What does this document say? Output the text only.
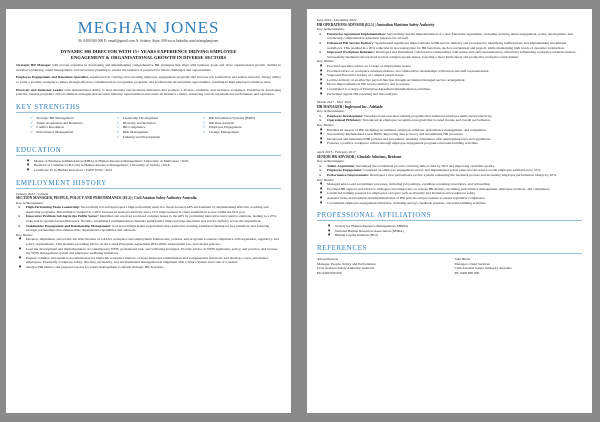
MEGHAN JONES
M: 0400 000 000 E: email@gmail.com A: Sydney, State, 000 www.linkedin.com/in/meghanjones
DYNAMIC HR DIRECTOR WITH 15+ YEARS EXPERIENCE DRIVING EMPLOYEE
ENGAGEMENT & ORGANISATIONAL GROWTH IN DIVERSE SECTORS
Strategic HR Manager with proven expertise in developing and implementing comprehensive HR strategies that align with business goals and drive organisational growth. Skilled in workforce planning, talent management, and succession planning to ensure the business is prepared for future challenges and opportunities.
Employee Engagement and Retention Specialist, experienced in creating and executing employee engagement programs that increase job satisfaction and reduce turnover. Strong ability to foster a positive workplace culture through effective communication, recognition programs, and professional development opportunities, resulting in high employee retention rates.
Diversity and Inclusion Leader with demonstrated ability to lead diversity and inclusion initiatives that promote a diverse, equitable, and inclusive workplace. Expertise in developing policies, training programs, and recruitment strategies that increase minority representation and create an inclusive culture, enhancing overall organisational performance and reputation.
KEY STRENGTHS
✓ Strategic HR Management
✓ Talent Acquisition and Retention
✓ Conflict Resolution
✓ Performance Management
✓ Leadership Development
✓ Diversity and Inclusion
✓ HR Compliance
✓ Risk Management
✓ Training and Development
✓ HR Information Systems (HRIS)
✓ HR Data Analysis
✓ Employee Engagement
✓ Change Management
EDUCATION
■ Master of Business Administration (MBA) in Human Resource Management | University of Melbourne | 2020
■ Bachelor of Commerce (B.Com) in Human Resource Management | University of Sydney | 2016
■ Certificate IV in Human Resources | TAFE NSW | 2012
EMPLOYMENT HISTORY
January 2022 - Current
SECTION MANAGER, PEOPLE, POLICY AND PERFORMANCE (EL2) | Civil Aviation Safety Authority Australia
Key Achievements:
➤ High-Performing Team Leadership: Successfully led and developed a high-performing team in a client-focused APS environment by implementing effective coaching and mentoring programs. This initiative resulted in a 20% increase in team productivity and a 15% improvement in client satisfaction scores within the first year.
➤ Innovative Problem Solving in the Public Sector: Identified and resolved workload complex issues in the APS by promoting innovative and creative solutions, leading to a 25% reduction in operational inefficiencies. Notably, streamlined communication channels significantly improved response times and service delivery across the department.
➤ Stakeholder Engagement and Relationship Management: Led several high-stakes negotiations that resulted in securing additional funding for key initiatives and fostering stronger partnerships that enhanced the department's capabilities and outreach.
Key Duties:
■ Develop, implement, and review the effectiveness of CASA's workplace and employment frameworks, policies, and programs to ensure compliance with legislation, regulatory, and policy requirements. This includes providing advice on the CASA Enterprise Agreement 2023-2026, employment law, and related policies.
■ Lead the development and implementation of contemporary WHS, professional risk, and wellbeing strategies. Provide advice on WHS legislation, policy, and practice, and oversee the WHS management system and employee wellbeing initiatives.
■ Prepare complex and sensitive documentation for high-risk workplace matters, oversee employee rehabilitation and compensation functions, and develop, coach, and mentor employees. Exemplify workplace safety, diversity, inclusivity, and environmental management in alignment with CASA's Values and Code of Conduct.
■ Analyse HR metrics and prepared reports for senior management to inform strategic HR decisions.
June 2019 - December 2022
HR OPERATIONS ADVISOR (EL1) | Australian Maritime Safety Authority
Key Achievements:
➤ Enterprise Agreement Implementation: Successfully led the implementation of a new Enterprise Agreement, including securing union engagement, policy development, and conducting comprehensive education sessions for all staff.
➤ Enhanced HR Service Delivery: Spearheaded significant improvements in HR service delivery and processes by identifying inefficiencies and implementing streamlined workflows. This resulted in a 20% reduction in processing time for HR functions, such as recruitment and payroll, while maintaining high levels of customer satisfaction.
➤ Improved Workplace Relations: Developed and maintained collaborative relationships with senior and staff representatives, effectively influencing workplace relations matters. Successfully mediated and resolved several complex people issues, fostering a more harmonious and productive workplace environment.
Key Duties:
■ Provided specialist advice on a range of employment issues.
■ Provided advice on workplace relations matters, via collaborative relationships with union and staff representatives.
■ Supported Executive leaders on complex people issues.
■ Led the delivery of an effective payroll function through an internal managed service arrangement.
■ Drove improvements in HR service delivery and processes.
■ Contributed to a range of Enterprise Agreement implementation activities.
■ Performed regular HR reporting and data analysis.
March 2017 - May 2019
HR MANAGER | Inglewood Inc., Adelaide
Key Achievements:
➤ Employee Development: Developed and executed training programs that enhanced employee skills and productivity.
➤ Operational Efficiency: Introduced an employee recognition program that boosted morale and overall performance.
Key Duties:
■ Handled all aspects of HR, including recruitment, employee relations, performance management, and compliance.
■ Successfully implemented a new HRIS, improving data accuracy and streamlining HR processes.
■ Developed and maintained HR policies and procedures, ensuring compliance with employment laws and regulations.
■ Fostered a positive workplace culture through employee engagement programs and team-building activities.
April 2013 - February 2017
SENIOR HR ADVISOR | Glendale Solutions, Brisbane
Key Achievements:
➤ Talent Acquisition: Revamped the recruitment process, reducing time-to-hire by 30% and improving candidate quality.
➤ Employee Engagement: Launched an employee engagement survey and implemented action plans that increased overall employee satisfaction by 25%.
➤ Performance Improvement: Developed a new performance review system, enhancing the feedback process and increasing employee performance ratings by 20%.
Key Duties:
■ Managed end-to-end recruitment processes, including job postings, candidate screening, interviews, and onboarding.
■ Provided HR support and advice to managers and employees on various HR matters, including performance management, employee relations, and compliance.
■ Conducted training sessions for employees on topics such as diversity and inclusion and workplace safety.
■ Assisted in the development and implementation of HR policies and procedures to ensure legislative compliance.
■ Coordinated employee engagement initiatives, including surveys, feedback sessions, and team-building activities.
PROFESSIONAL AFFILIATIONS
■ Society for Human Resource Management (SHRM)
■ National Human Resources Association (NHRA)
■ Human Capital Institute (HCI)
REFERENCES
Alison Roberts
Manager, People, Policy and Performance
Civil Aviation Safety Authority Australia
Ph: 0400 000 000
John Black
Manager, Client Services
Civil Aviation Safety Authority Australia
Ph: 0400 000 000
